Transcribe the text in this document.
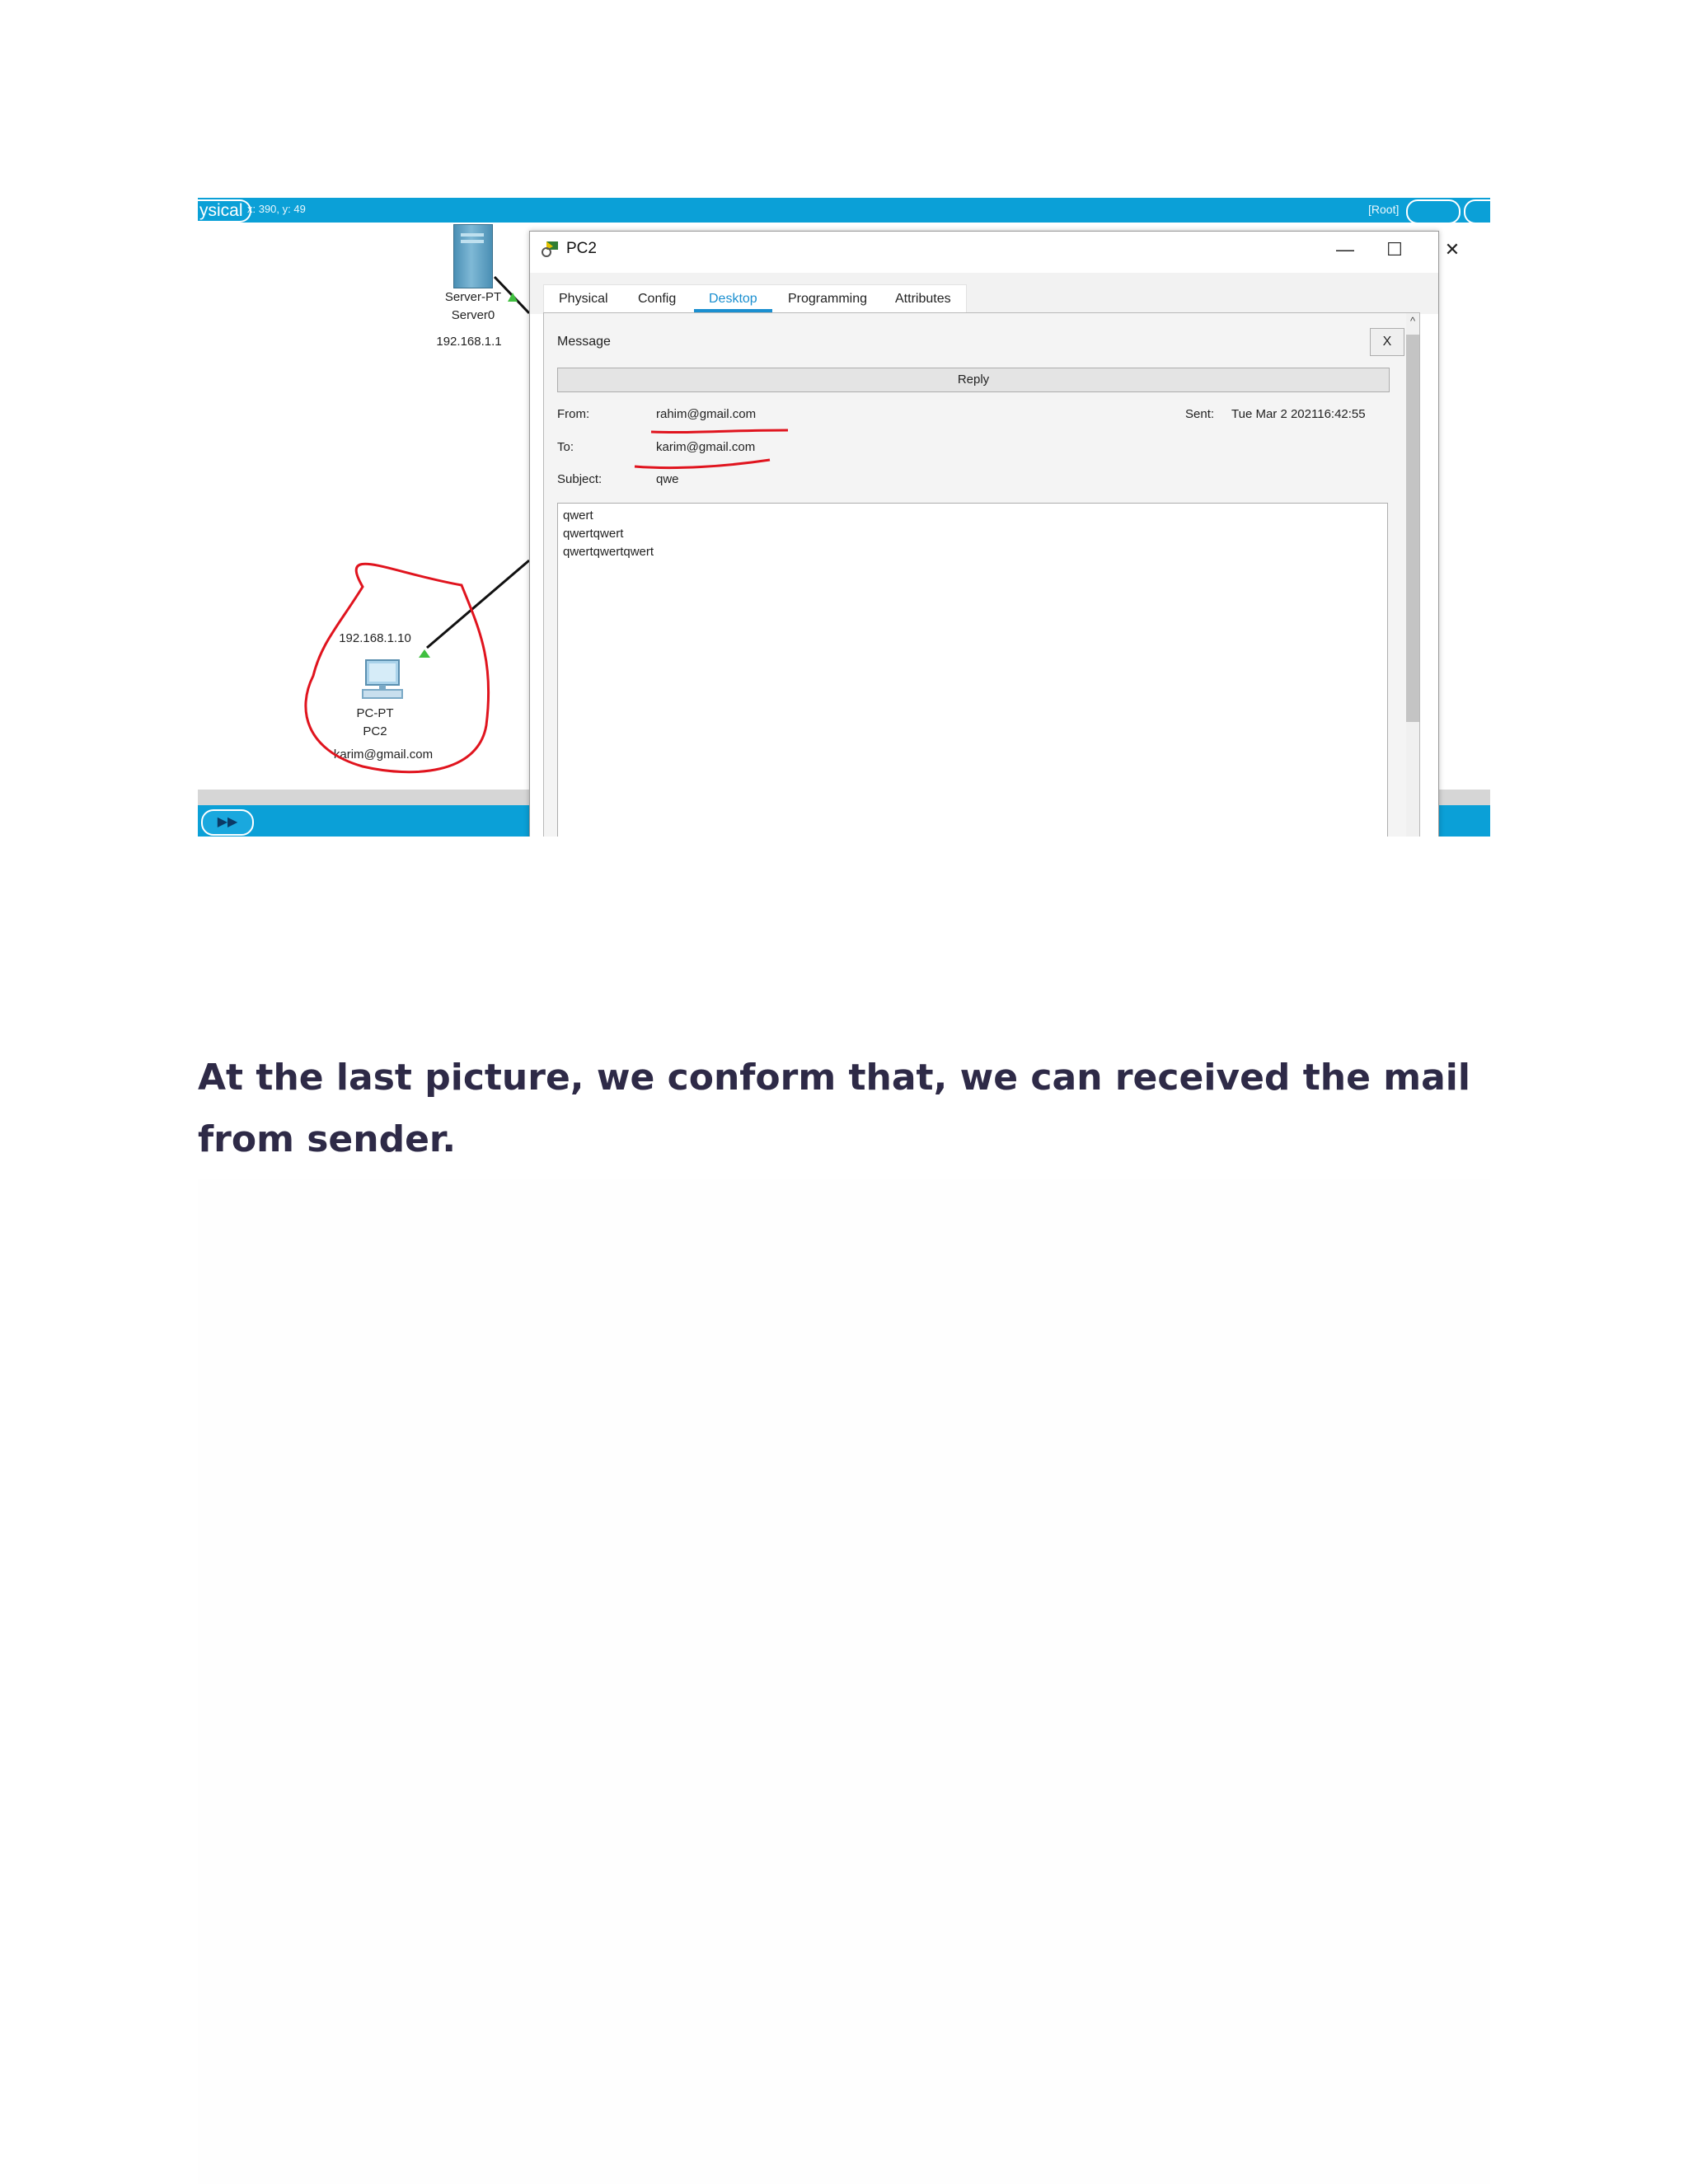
ysical x: 390, y: 49	[Root]
Server-PT
Server0
192.168.1.1
192.168.1.10
PC-PT
PC2
karim@gmail.com
▶▶
PC2	—	☐	✕
Physical Config	Desktop	Programming Attributes
Message	X
Reply
From:	rahim@gmail.com	Sent: Tue Mar 2 202116:42:55
To:	karim@gmail.com
Subject:	qwe
qwert
qwertqwert
qwertqwertqwert
^
At the last picture, we conform that, we can received the mail from sender.
